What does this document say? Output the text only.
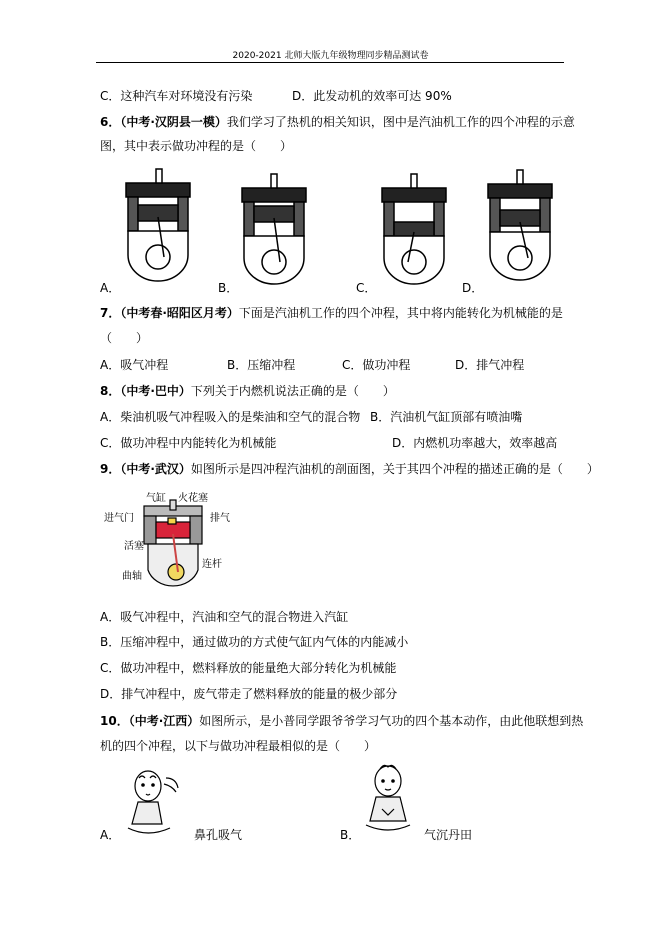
2020-2021 北师大版九年级物理同步精品测试卷
C．这种汽车对环境没有污染	D．此发动机的效率可达 90%
6．（中考·汉阴县一模）我们学习了热机的相关知识，图中是汽油机工作的四个冲程的示意
图，其中表示做功冲程的是（　　）
A．	B．	C．	D．
7．（中考春·昭阳区月考）下面是汽油机工作的四个冲程，其中将内能转化为机械能的是
（　　）
A．吸气冲程	B．压缩冲程	C．做功冲程	D．排气冲程
8．（中考·巴中）下列关于内燃机说法正确的是（　　）
A．柴油机吸气冲程吸入的是柴油和空气的混合物 B．汽油机气缸顶部有喷油嘴
C．做功冲程中内能转化为机械能	D．内燃机功率越大，效率越高
9．（中考·武汉）如图所示是四冲程汽油机的剖面图，关于其四个冲程的描述正确的是（　　）
气缸 火花塞
进气门	排气
活塞
连杆
曲轴
A．吸气冲程中，汽油和空气的混合物进入汽缸
B．压缩冲程中，通过做功的方式使气缸内气体的内能减小
C．做功冲程中，燃料释放的能量绝大部分转化为机械能
D．排气冲程中，废气带走了燃料释放的能量的极少部分
10．（中考·江西）如图所示，是小普同学跟爷爷学习气功的四个基本动作，由此他联想到热
机的四个冲程，以下与做功冲程最相似的是（　　）
A．	鼻孔吸气	B．	气沉丹田
